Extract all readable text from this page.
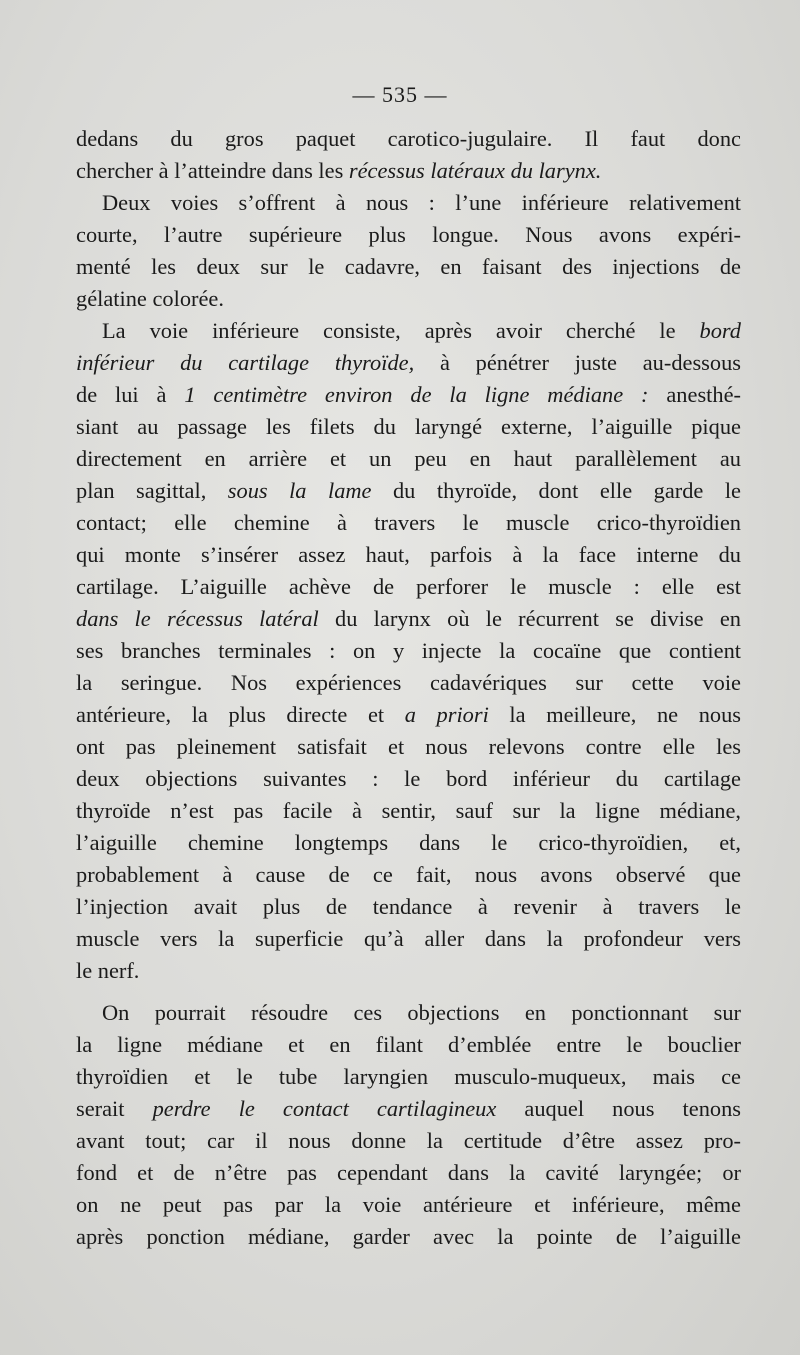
— 535 —
dedans du gros paquet carotico-jugulaire. Il faut donc
chercher à l’atteindre dans les récessus latéraux du larynx.
Deux voies s’offrent à nous : l’une inférieure relativement
courte, l’autre supérieure plus longue. Nous avons expéri-
menté les deux sur le cadavre, en faisant des injections de
gélatine colorée.
La voie inférieure consiste, après avoir cherché le bord
inférieur du cartilage thyroïde, à pénétrer juste au-dessous
de lui à 1 centimètre environ de la ligne médiane : anesthé-
siant au passage les filets du laryngé externe, l’aiguille pique
directement en arrière et un peu en haut parallèlement au
plan sagittal, sous la lame du thyroïde, dont elle garde le
contact; elle chemine à travers le muscle crico-thyroïdien
qui monte s’insérer assez haut, parfois à la face interne du
cartilage. L’aiguille achève de perforer le muscle : elle est
dans le récessus latéral du larynx où le récurrent se divise en
ses branches terminales : on y injecte la cocaïne que contient
la seringue. Nos expériences cadavériques sur cette voie
antérieure, la plus directe et a priori la meilleure, ne nous
ont pas pleinement satisfait et nous relevons contre elle les
deux objections suivantes : le bord inférieur du cartilage
thyroïde n’est pas facile à sentir, sauf sur la ligne médiane,
l’aiguille chemine longtemps dans le crico-thyroïdien, et,
probablement à cause de ce fait, nous avons observé que
l’injection avait plus de tendance à revenir à travers le
muscle vers la superficie qu’à aller dans la profondeur vers
le nerf.
On pourrait résoudre ces objections en ponctionnant sur
la ligne médiane et en filant d’emblée entre le bouclier
thyroïdien et le tube laryngien musculo-muqueux, mais ce
serait perdre le contact cartilagineux auquel nous tenons
avant tout; car il nous donne la certitude d’être assez pro-
fond et de n’être pas cependant dans la cavité laryngée; or
on ne peut pas par la voie antérieure et inférieure, même
après ponction médiane, garder avec la pointe de l’aiguille
